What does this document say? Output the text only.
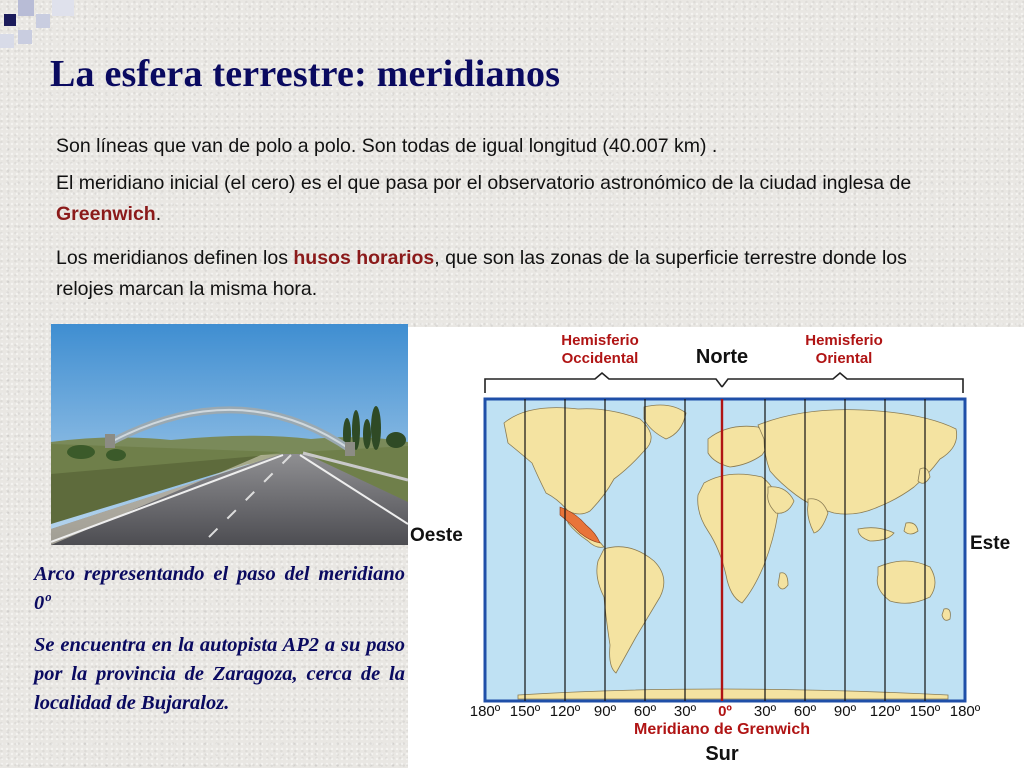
La esfera terrestre: meridianos

Son líneas que van de polo a polo. Son todas de igual longitud (40.007 km) .

El meridiano inicial (el cero) es el que pasa por el observatorio astronómico de la ciudad inglesa de Greenwich.

Los meridianos definen los husos horarios, que son las zonas de la superficie terrestre donde los relojes marcan la misma hora.

Arco representando el paso del meridiano 0º

Se encuentra en la autopista AP2 a su paso por la provincia de Zaragoza, cerca de la localidad de Bujaraloz.

Hemisferio
Occidental
Hemisferio
Oriental
Norte
Oeste	Este
180º 150º 120º 90º 60º 30º 0º 30º 60º 90º 120º 150º 180º
Meridiano de Grenwich
Sur
